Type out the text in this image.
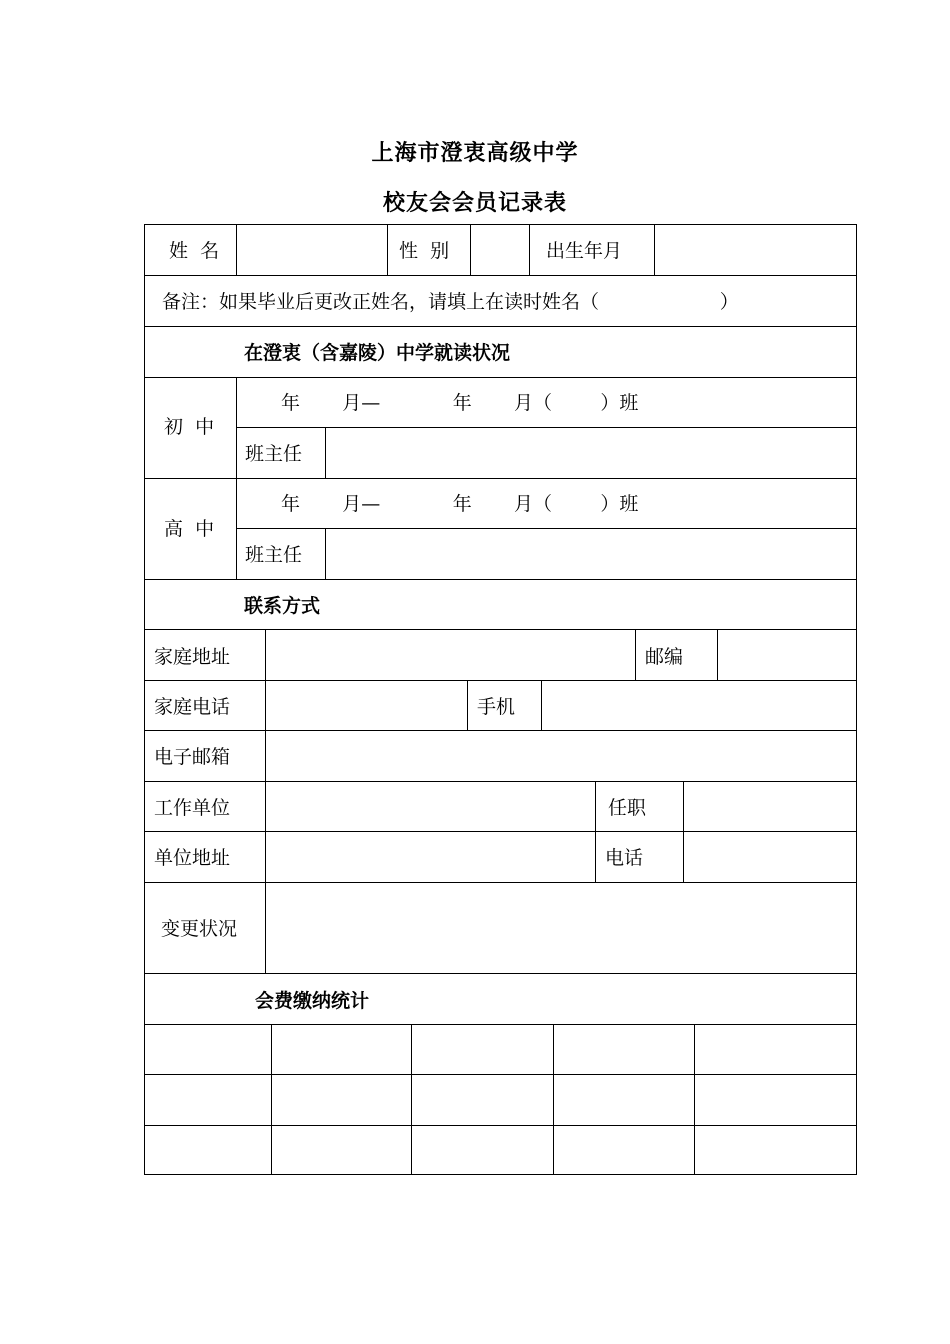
上海市澄衷高级中学
校友会会员记录表
姓  名	性  别	出生年月
备注：如果毕业后更改正姓名，请填上在读时姓名（                    ）
在澄衷（含嘉陵）中学就读状况
初  中
年       月—            年       月（        ）班
班主任
高  中
年       月—            年       月（        ）班
班主任
联系方式
家庭地址	邮编
家庭电话	手机
电子邮箱
工作单位	任职
单位地址	电话
变更状况
会费缴纳统计
